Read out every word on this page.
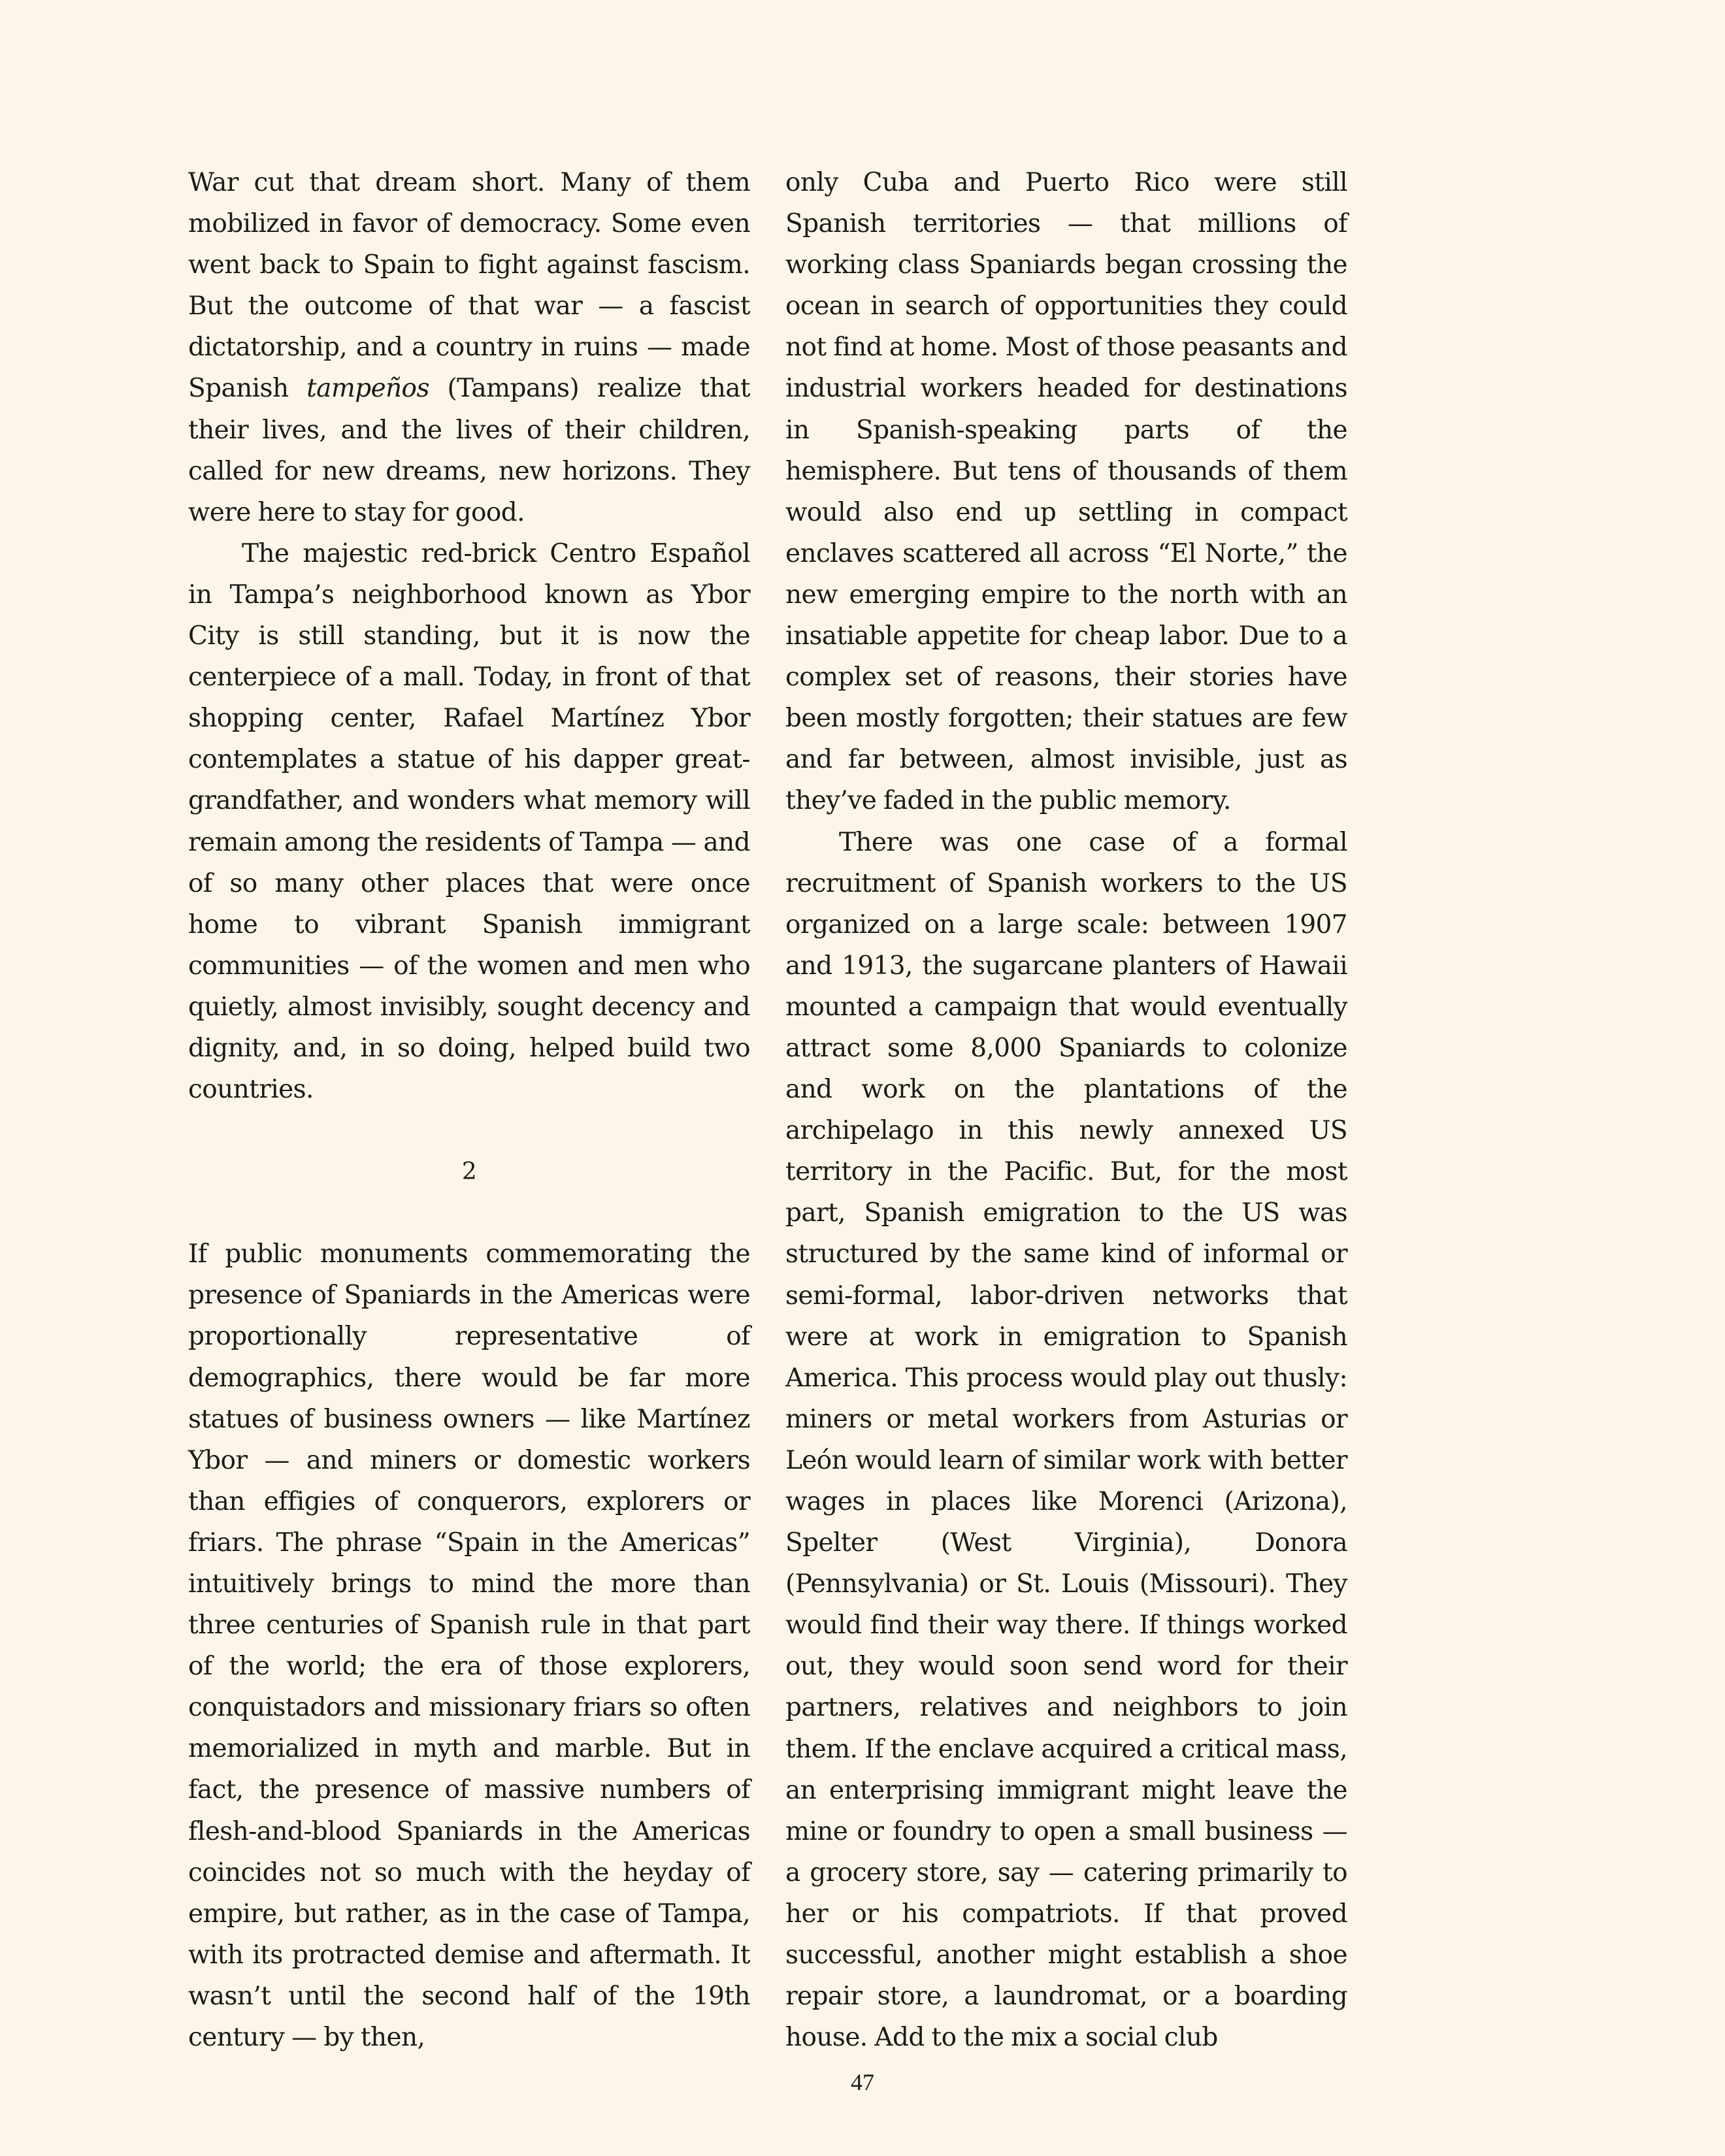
War cut that dream short. Many of them mobilized in favor of democracy. Some even went back to Spain to fight against fascism. But the outcome of that war — a fascist dictatorship, and a country in ruins — made Spanish tampeños (Tampans) realize that their lives, and the lives of their children, called for new dreams, new horizons. They were here to stay for good.

The majestic red-brick Centro Español in Tampa’s neighborhood known as Ybor City is still standing, but it is now the centerpiece of a mall. Today, in front of that shopping center, Rafael Martínez Ybor contemplates a statue of his dapper great-grandfather, and wonders what memory will remain among the residents of Tampa — and of so many other places that were once home to vibrant Spanish immigrant communities — of the women and men who quietly, almost invisibly, sought decency and dignity, and, in so doing, helped build two countries.

2

If public monuments commemorating the presence of Spaniards in the Americas were proportionally representative of demographics, there would be far more statues of business owners — like Martínez Ybor — and miners or domestic workers than effigies of conquerors, explorers or friars. The phrase “Spain in the Americas” intuitively brings to mind the more than three centuries of Spanish rule in that part of the world; the era of those explorers, conquistadors and missionary friars so often memorialized in myth and marble. But in fact, the presence of massive numbers of flesh-and-blood Spaniards in the Americas coincides not so much with the heyday of empire, but rather, as in the case of Tampa, with its protracted demise and aftermath. It wasn’t until the second half of the 19th century — by then,

only Cuba and Puerto Rico were still Spanish territories — that millions of working class Spaniards began crossing the ocean in search of opportunities they could not find at home. Most of those peasants and industrial workers headed for destinations in Spanish-speaking parts of the hemisphere. But tens of thousands of them would also end up settling in compact enclaves scattered all across “El Norte,” the new emerging empire to the north with an insatiable appetite for cheap labor. Due to a complex set of reasons, their stories have been mostly forgotten; their statues are few and far between, almost invisible, just as they’ve faded in the public memory.

There was one case of a formal recruitment of Spanish workers to the US organized on a large scale: between 1907 and 1913, the sugarcane planters of Hawaii mounted a campaign that would eventually attract some 8,000 Spaniards to colonize and work on the plantations of the archipelago in this newly annexed US territory in the Pacific. But, for the most part, Spanish emigration to the US was structured by the same kind of informal or semi-formal, labor-driven networks that were at work in emigration to Spanish America. This process would play out thusly: miners or metal workers from Asturias or León would learn of similar work with better wages in places like Morenci (Arizona), Spelter (West Virginia), Donora (Pennsylvania) or St. Louis (Missouri). They would find their way there. If things worked out, they would soon send word for their partners, relatives and neighbors to join them. If the enclave acquired a critical mass, an enterprising immigrant might leave the mine or foundry to open a small business — a grocery store, say — catering primarily to her or his compatriots. If that proved successful, another might establish a shoe repair store, a laundromat, or a boarding house. Add to the mix a social club

47
